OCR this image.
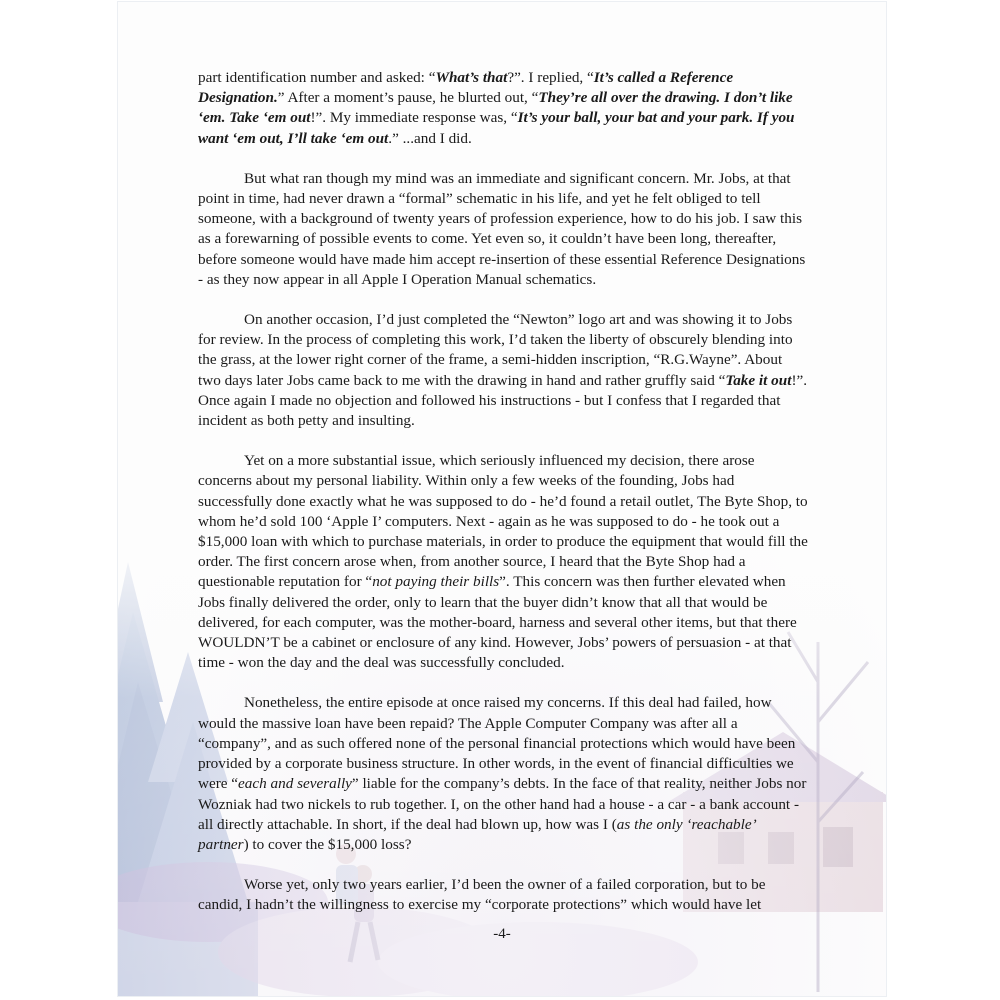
part identification number and asked: “What’s that?”. I replied, “It’s called a Reference Designation.” After a moment’s pause, he blurted out, “They’re all over the drawing. I don’t like ‘em. Take ‘em out!”. My immediate response was, “It’s your ball, your bat and your park. If you want ‘em out, I’ll take ‘em out.” ...and I did.

But what ran though my mind was an immediate and significant concern. Mr. Jobs, at that point in time, had never drawn a “formal” schematic in his life, and yet he felt obliged to tell someone, with a background of twenty years of profession experience, how to do his job. I saw this as a forewarning of possible events to come. Yet even so, it couldn’t have been long, thereafter, before someone would have made him accept re-insertion of these essential Reference Designations - as they now appear in all Apple I Operation Manual schematics.

On another occasion, I’d just completed the “Newton” logo art and was showing it to Jobs for review. In the process of completing this work, I’d taken the liberty of obscurely blending into the grass, at the lower right corner of the frame, a semi-hidden inscription, “R.G.Wayne”. About two days later Jobs came back to me with the drawing in hand and rather gruffly said “Take it out!”. Once again I made no objection and followed his instructions - but I confess that I regarded that incident as both petty and insulting.

Yet on a more substantial issue, which seriously influenced my decision, there arose concerns about my personal liability. Within only a few weeks of the founding, Jobs had successfully done exactly what he was supposed to do - he’d found a retail outlet, The Byte Shop, to whom he’d sold 100 ‘Apple I’ computers. Next - again as he was supposed to do - he took out a $15,000 loan with which to purchase materials, in order to produce the equipment that would fill the order. The first concern arose when, from another source, I heard that the Byte Shop had a questionable reputation for “not paying their bills”. This concern was then further elevated when Jobs finally delivered the order, only to learn that the buyer didn’t know that all that would be delivered, for each computer, was the mother-board, harness and several other items, but that there WOULDN’T be a cabinet or enclosure of any kind. However, Jobs’ powers of persuasion - at that time - won the day and the deal was successfully concluded.

Nonetheless, the entire episode at once raised my concerns. If this deal had failed, how would the massive loan have been repaid? The Apple Computer Company was after all a “company”, and as such offered none of the personal financial protections which would have been provided by a corporate business structure. In other words, in the event of financial difficulties we were “each and severally” liable for the company’s debts. In the face of that reality, neither Jobs nor Wozniak had two nickels to rub together. I, on the other hand had a house - a car - a bank account - all directly attachable. In short, if the deal had blown up, how was I (as the only ‘reachable’ partner) to cover the $15,000 loss?

Worse yet, only two years earlier, I’d been the owner of a failed corporation, but to be candid, I hadn’t the willingness to exercise my “corporate protections” which would have let

-4-
